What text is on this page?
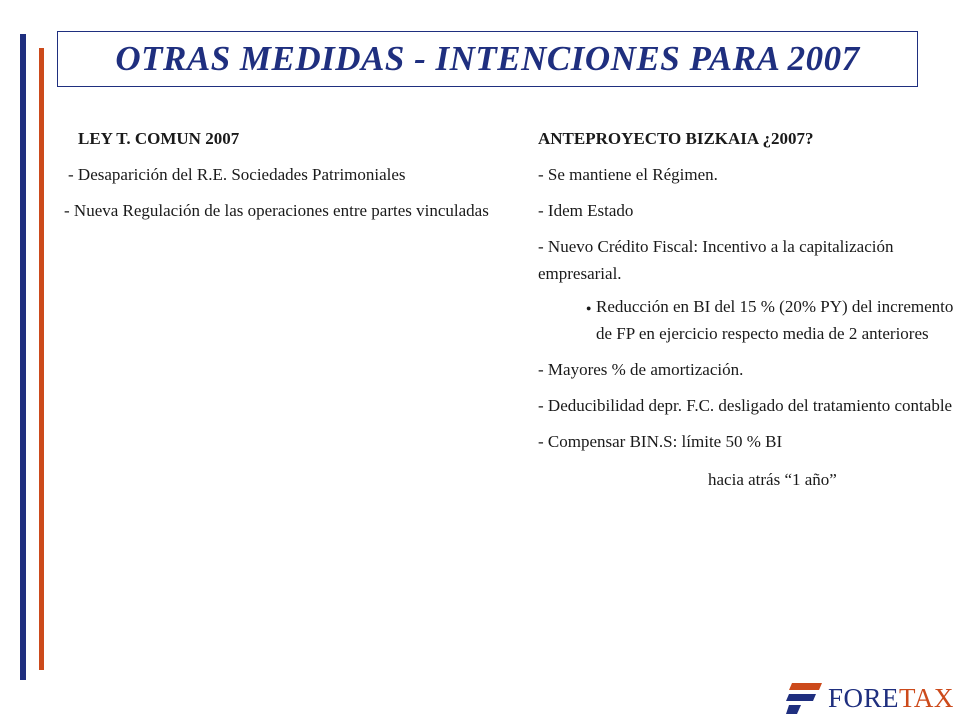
OTRAS MEDIDAS - INTENCIONES PARA 2007

LEY T. COMUN 2007

- Desaparición del R.E. Sociedades Patrimoniales

- Nueva Regulación de las operaciones entre partes vinculadas

ANTEPROYECTO BIZKAIA ¿2007?

- Se mantiene el Régimen.

- Idem Estado

- Nuevo Crédito Fiscal: Incentivo a la capitalización empresarial.

● Reducción en BI del 15 % (20% PY) del incremento de FP en ejercicio respecto media de 2 anteriores

- Mayores % de amortización.

- Deducibilidad depr. F.C. desligado del tratamiento contable

- Compensar BIN.S: límite 50 % BI

hacia atrás “1 año”

FORETAX
